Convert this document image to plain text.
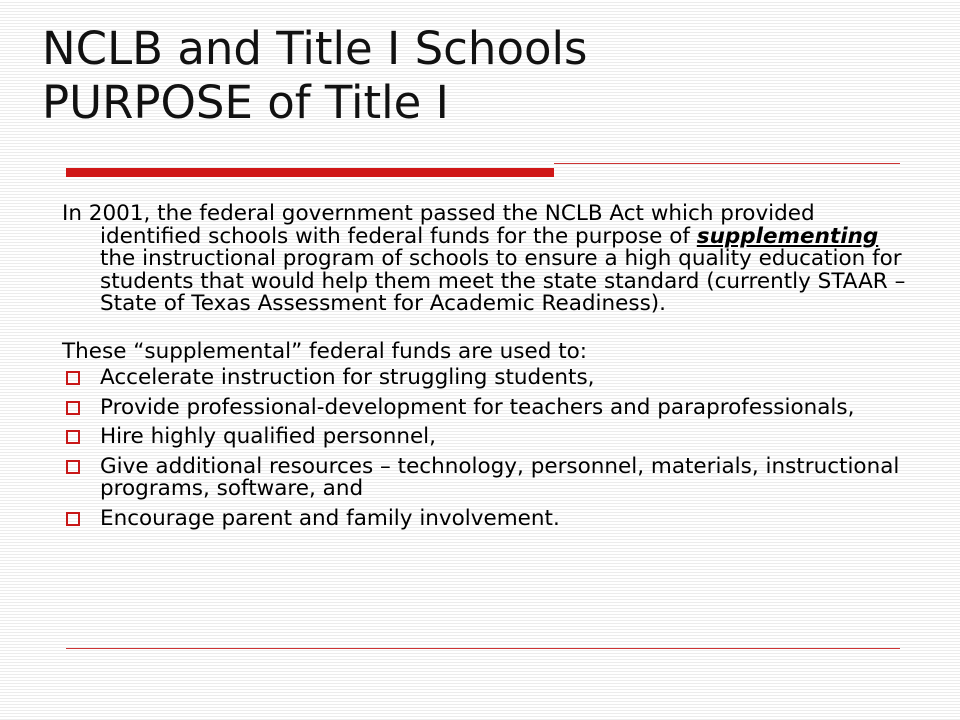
NCLB and Title I Schools
PURPOSE of Title I

In 2001, the federal government passed the NCLB Act which provided identified schools with federal funds for the purpose of supplementing the instructional program of schools to ensure a high quality education for students that would help them meet the state standard (currently STAAR – State of Texas Assessment for Academic Readiness).

These “supplemental” federal funds are used to:

Accelerate instruction for struggling students,
Provide professional-development for teachers and paraprofessionals,
Hire highly qualified personnel,
Give additional resources – technology, personnel, materials, instructional programs, software, and
Encourage parent and family involvement.
